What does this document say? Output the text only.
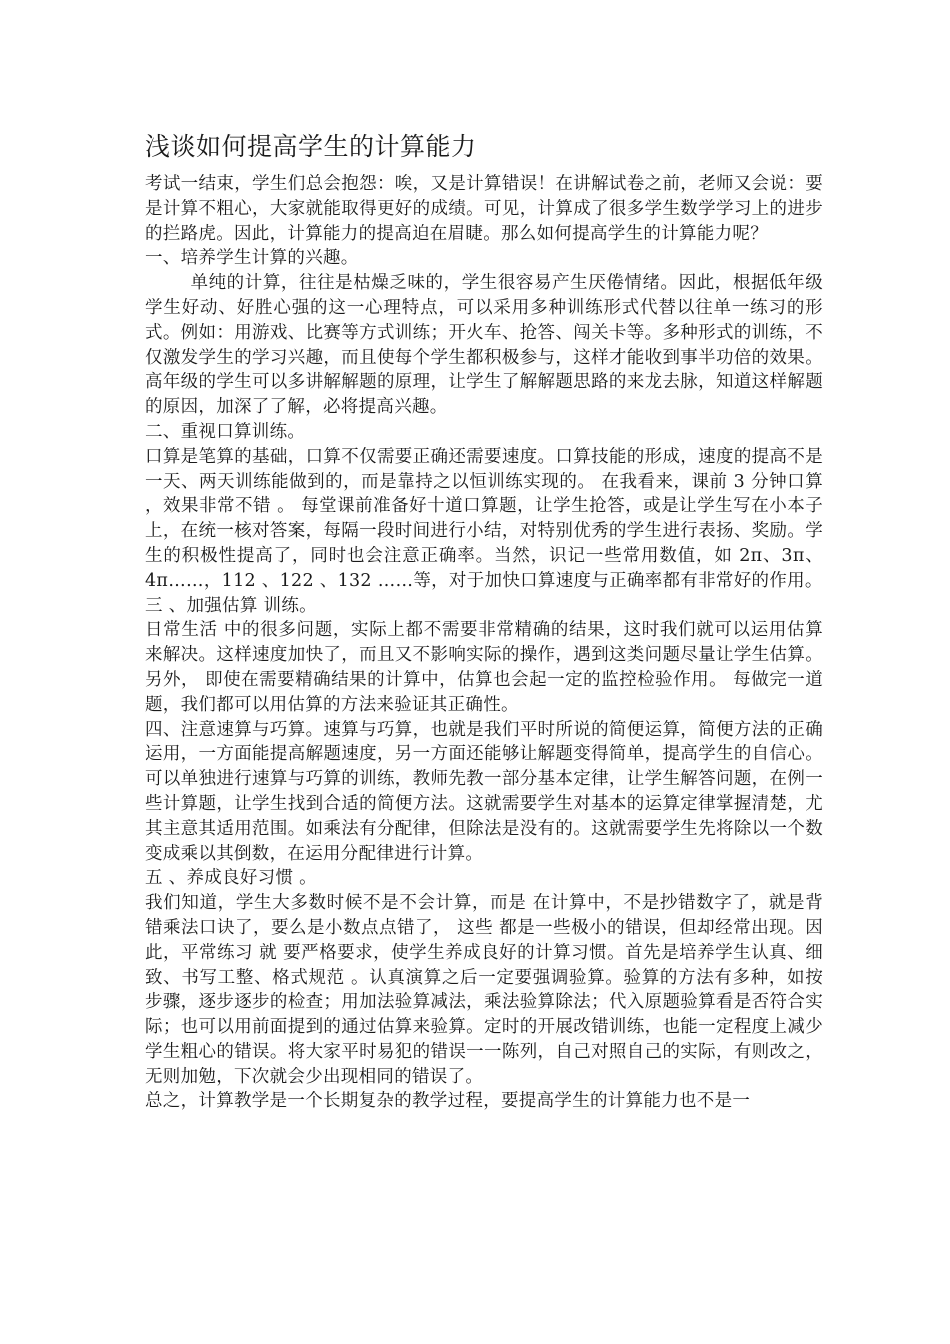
浅谈如何提高学生的计算能力

考试一结束，学生们总会抱怨：唉，又是计算错误！在讲解试卷之前，老师又会说：要是计算不粗心，大家就能取得更好的成绩。可见，计算成了很多学生数学学习上的进步的拦路虎。因此，计算能力的提高迫在眉睫。那么如何提高学生的计算能力呢？

一、培养学生计算的兴趣。

单纯的计算，往往是枯燥乏味的，学生很容易产生厌倦情绪。因此，根据低年级学生好动、好胜心强的这一心理特点，可以采用多种训练形式代替以往单一练习的形式。例如：用游戏、比赛等方式训练；开火车、抢答、闯关卡等。多种形式的训练，不仅激发学生的学习兴趣，而且使每个学生都积极参与，这样才能收到事半功倍的效果。高年级的学生可以多讲解解题的原理，让学生了解解题思路的来龙去脉，知道这样解题的原因，加深了了解，必将提高兴趣。

二、重视口算训练。

口算是笔算的基础，口算不仅需要正确还需要速度。口算技能的形成，速度的提高不是一天、两天训练能做到的，而是靠持之以恒训练实现的。 在我看来，课前 3 分钟口算 ，效果非常不错 。 每堂课前准备好十道口算题，让学生抢答，或是让学生写在小本子上，在统一核对答案，每隔一段时间进行小结，对特别优秀的学生进行表扬、奖励。学生的积极性提高了，同时也会注意正确率。当然，识记一些常用数值，如 2π、3π、4π……，112 、122 、132 ……等，对于加快口算速度与正确率都有非常好的作用。

三 、加强估算 训练。

日常生活 中的很多问题，实际上都不需要非常精确的结果，这时我们就可以运用估算来解决。这样速度加快了，而且又不影响实际的操作，遇到这类问题尽量让学生估算。另外， 即使在需要精确结果的计算中，估算也会起一定的监控检验作用。 每做完一道题，我们都可以用估算的方法来验证其正确性。

四、注意速算与巧算。速算与巧算，也就是我们平时所说的简便运算，简便方法的正确运用，一方面能提高解题速度，另一方面还能够让解题变得简单，提高学生的自信心。可以单独进行速算与巧算的训练，教师先教一部分基本定律，让学生解答问题，在例一些计算题，让学生找到合适的简便方法。这就需要学生对基本的运算定律掌握清楚，尤其主意其适用范围。如乘法有分配律，但除法是没有的。这就需要学生先将除以一个数变成乘以其倒数，在运用分配律进行计算。

五 、养成良好习惯 。

我们知道，学生大多数时候不是不会计算，而是 在计算中，不是抄错数字了，就是背错乘法口诀了，要么是小数点点错了， 这些 都是一些极小的错误，但却经常出现。因此，平常练习 就 要严格要求，使学生养成良好的计算习惯。首先是培养学生认真、细致、书写工整、格式规范 。认真演算之后一定要强调验算。验算的方法有多种，如按步骤，逐步逐步的检查；用加法验算减法，乘法验算除法；代入原题验算看是否符合实际；也可以用前面提到的通过估算来验算。定时的开展改错训练，也能一定程度上减少学生粗心的错误。将大家平时易犯的错误一一陈列，自己对照自己的实际，有则改之，无则加勉，下次就会少出现相同的错误了。

总之，计算教学是一个长期复杂的教学过程，要提高学生的计算能力也不是一
